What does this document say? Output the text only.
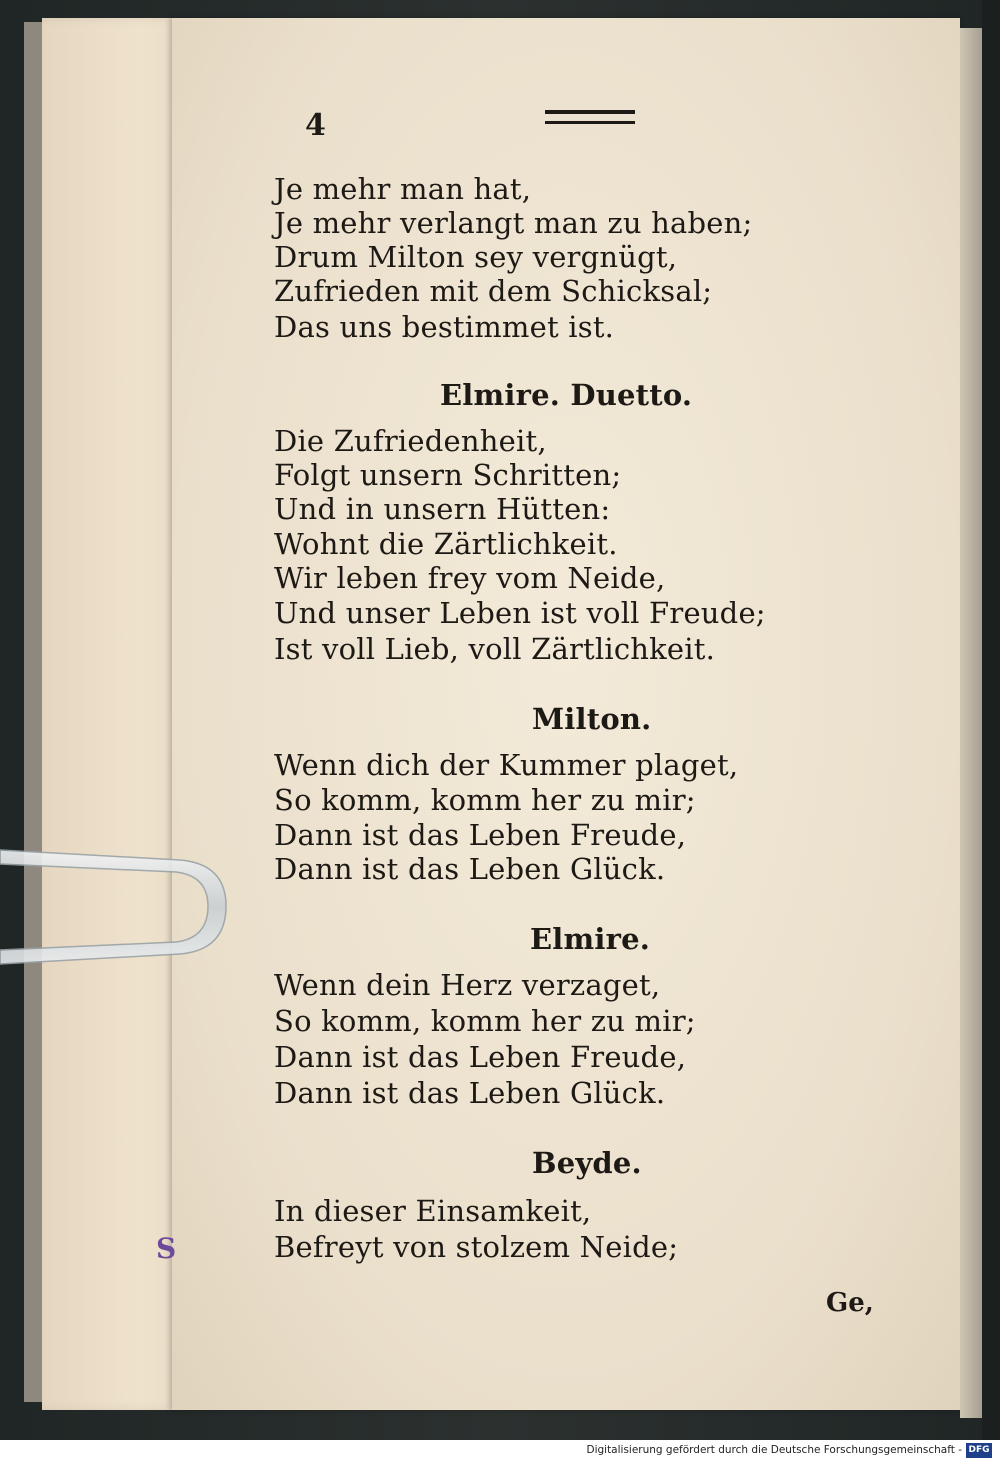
S
4
Je mehr man hat,
Je mehr verlangt man zu haben;
Drum Milton sey vergnügt,
Zufrieden mit dem Schicksal;
Das uns bestimmet ist.
Elmire. Duetto.
Die Zufriedenheit,
Folgt unsern Schritten;
Und in unsern Hütten:
Wohnt die Zärtlichkeit.
Wir leben frey vom Neide,
Und unser Leben ist voll Freude;
Ist voll Lieb, voll Zärtlichkeit.
Milton.
Wenn dich der Kummer plaget,
So komm, komm her zu mir;
Dann ist das Leben Freude,
Dann ist das Leben Glück.
Elmire.
Wenn dein Herz verzaget,
So komm, komm her zu mir;
Dann ist das Leben Freude,
Dann ist das Leben Glück.
Beyde.
In dieser Einsamkeit,
Befreyt von stolzem Neide;
Ge,
Digitalisierung gefördert durch die Deutsche Forschungsgemeinschaft - DFG
